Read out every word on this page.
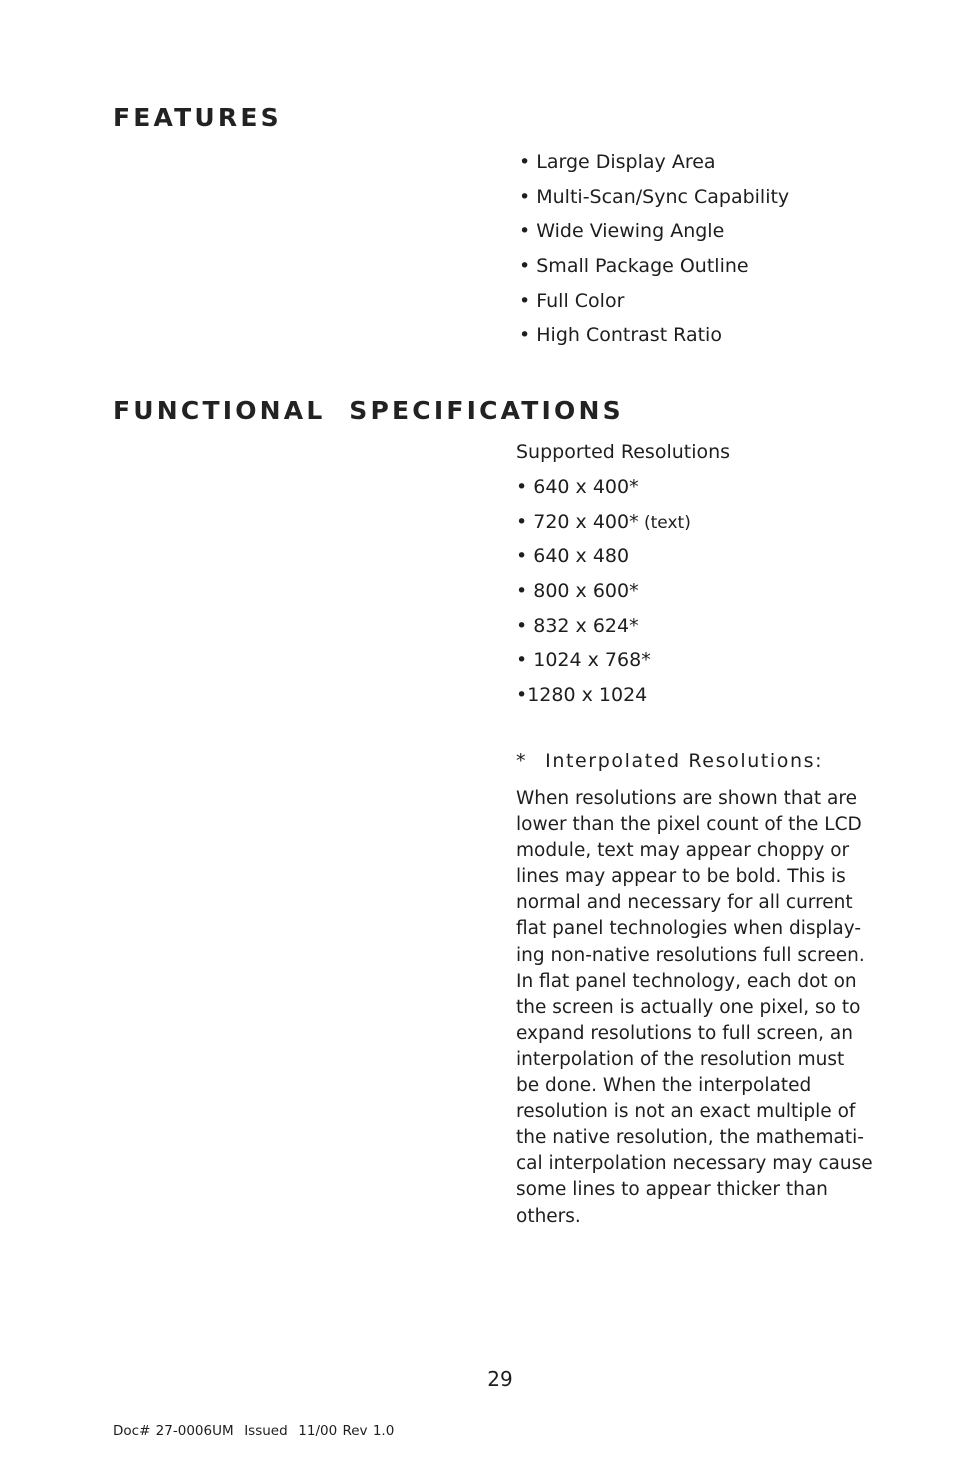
FEATURES
• Large Display Area
• Multi-Scan/Sync Capability
• Wide Viewing Angle
• Small Package Outline
• Full Color
• High Contrast Ratio
FUNCTIONAL  SPECIFICATIONS
Supported Resolutions
• 640 x 400*
• 720 x 400* (text)
• 640 x 480
• 800 x 600*
• 832 x 624*
• 1024 x 768*
•1280 x 1024
* Interpolated Resolutions:

When resolutions are shown that are
lower than the pixel count of the LCD
module, text may appear choppy or
lines may appear to be bold. This is
normal and necessary for all current
flat panel technologies when display-
ing non-native resolutions full screen.
In flat panel technology, each dot on
the screen is actually one pixel, so to
expand resolutions to full screen, an
interpolation of the resolution must
be done. When the interpolated
resolution is not an exact multiple of
the native resolution, the mathemati-
cal interpolation necessary may cause
some lines to appear thicker than
others.

29
Doc# 27-0006UM  Issued  11/00 Rev 1.0
